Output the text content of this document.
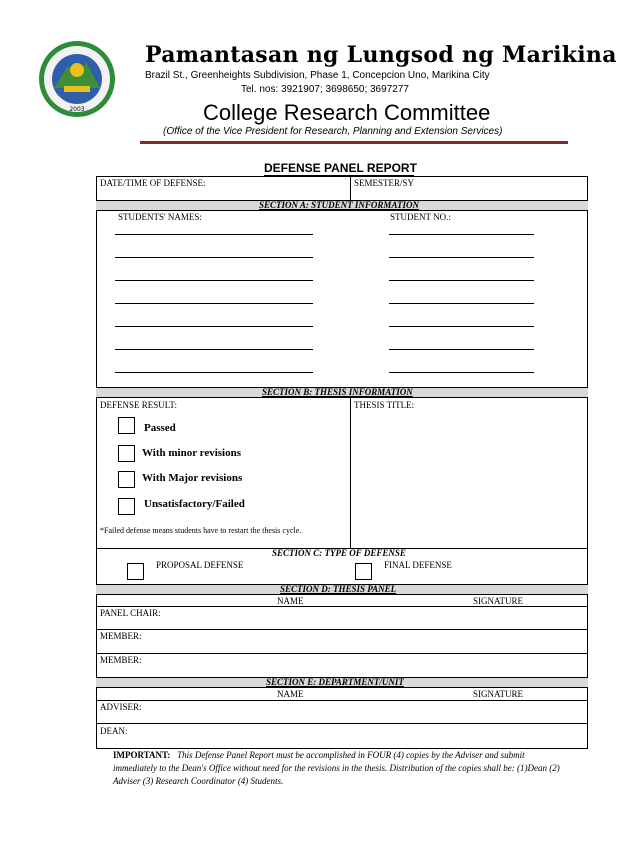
2003
Pamantasan ng Lungsod ng Marikina
Brazil St., Greenheights Subdivision, Phase 1, Concepcion Uno, Marikina City
Tel. nos: 3921907; 3698650; 3697277
College Research Committee
(Office of the Vice President for Research, Planning and Extension Services)
DEFENSE PANEL REPORT
DATE/TIME OF DEFENSE:	SEMESTER/SY
SECTION A: STUDENT INFORMATION
STUDENTS' NAMES:	STUDENT NO.:
SECTION B: THESIS INFORMATION
DEFENSE RESULT:	THESIS TITLE:
Passed
With minor revisions
With Major revisions
Unsatisfactory/Failed
*Failed defense means students have to restart the thesis cycle.
SECTION C: TYPE OF DEFENSE
PROPOSAL DEFENSE	FINAL DEFENSE
SECTION D: THESIS PANEL
NAME	SIGNATURE
PANEL CHAIR:
MEMBER:
MEMBER:
SECTION E: DEPARTMENT/UNIT
NAME	SIGNATURE
ADVISER:
DEAN:
IMPORTANT: This Defense Panel Report must be accomplished in FOUR (4) copies by the Adviser and submit immediately to the Dean's Office without need for the revisions in the thesis. Distribution of the copies shall be: (1)Dean (2) Adviser (3) Research Coordinator (4) Students.
